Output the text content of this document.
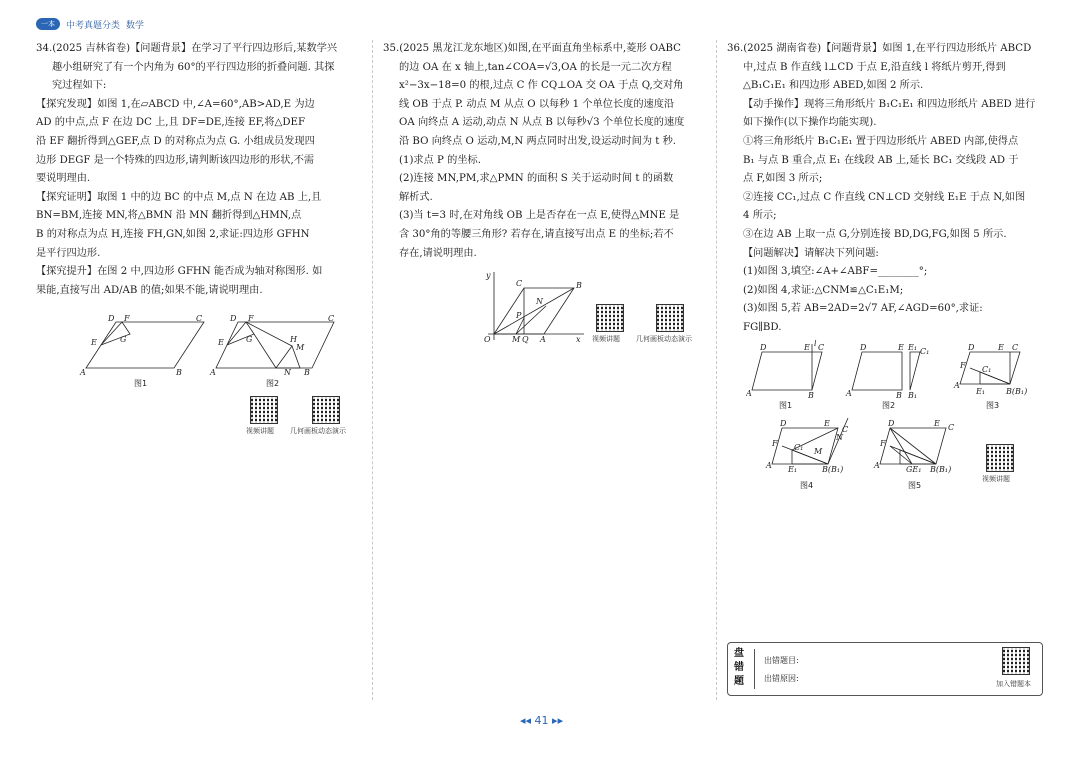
一本	中考真题分类 数学

34.(2025 吉林省卷)【问题背景】在学习了平行四边形后,某数学兴

趣小组研究了有一个内角为 60°的平行四边形的折叠问题. 其探

究过程如下:

【探究发现】如图 1,在▱ABCD 中,∠A=60°,AB>AD,E 为边

AD 的中点,点 F 在边 DC 上,且 DF=DE,连接 EF,将△DEF

沿 EF 翻折得到△GEF,点 D 的对称点为点 G. 小组成员发现四

边形 DEGF 是一个特殊的四边形,请判断该四边形的形状,不需

要说明理由.

【探究证明】取图 1 中的边 BC 的中点 M,点 N 在边 AB 上,且

BN=BM,连接 MN,将△BMN 沿 MN 翻折得到△HMN,点

B 的对称点为点 H,连接 FH,GN,如图 2,求证:四边形 GFHN

是平行四边形.

【探究提升】在图 2 中,四边形 GFHN 能否成为轴对称图形. 如

果能,直接写出 AD/AB 的值;如果不能,请说明理由.

A	B
C
D
E
F
G
A	N B
C
D
E
F
G	H
M
图1	图2
视频讲题 几何画板动态演示

35.(2025 黑龙江龙东地区)如图,在平面直角坐标系中,菱形 OABC

的边 OA 在 x 轴上,tan∠COA=√3,OA 的长是一元二次方程

x²−3x−18=0 的根,过点 C 作 CQ⊥OA 交 OA 于点 Q,交对角

线 OB 于点 P. 动点 M 从点 O 以每秒 1 个单位长度的速度沿

OA 向终点 A 运动,动点 N 从点 B 以每秒√3 个单位长度的速度

沿 BO 向终点 O 运动,M,N 两点同时出发,设运动时间为 t 秒.

(1)求点 P 的坐标.

(2)连接 MN,PM,求△PMN 的面积 S 关于运动时间 t 的函数

解析式.

(3)当 t=3 时,在对角线 OB 上是否存在一点 E,使得△MNE 是

含 30°角的等腰三角形? 若存在,请直接写出点 E 的坐标;若不

存在,请说明理由.

O	x
y
A
B
C
M Q
P
N
视频讲题 几何画板动态演示

36.(2025 湖南省卷)【问题背景】如图 1,在平行四边形纸片 ABCD

中,过点 B 作直线 l⊥CD 于点 E,沿直线 l 将纸片剪开,得到

△B₁C₁E₁ 和四边形 ABED,如图 2 所示.

【动手操作】现将三角形纸片 B₁C₁E₁ 和四边形纸片 ABED 进行

如下操作(以下操作均能实现).

①将三角形纸片 B₁C₁E₁ 置于四边形纸片 ABED 内部,使得点

B₁ 与点 B 重合,点 E₁ 在线段 AB 上,延长 BC₁ 交线段 AD 于

点 F,如图 3 所示;

②连接 CC₁,过点 C 作直线 CN⊥CD 交射线 E₁E 于点 N,如图

4 所示;

③在边 AB 上取一点 G,分别连接 BD,DG,FG,如图 5 所示.

【问题解决】请解决下列问题:

(1)如图 3,填空:∠A+∠ABF=________°;

(2)如图 4,求证:△CNM≌△C₁E₁M;

(3)如图 5,若 AB=2AD=2√7 AF,∠AGD=60°,求证:

FG∥BD.

A	B
C
D	E l
A	B B₁
D	E E₁ C₁
A
B(B₁)
E₁
D	C
E
F C₁
A	B(B₁)
E₁
D	E
C
N
F C₁ M
A	B(B₁)
GE₁
D	E C
F
图1	图2	图3
图4	图5
视频讲题
盘错题
出错题目:
出错原因:
加入错题本
◂◂ 41 ▸▸
